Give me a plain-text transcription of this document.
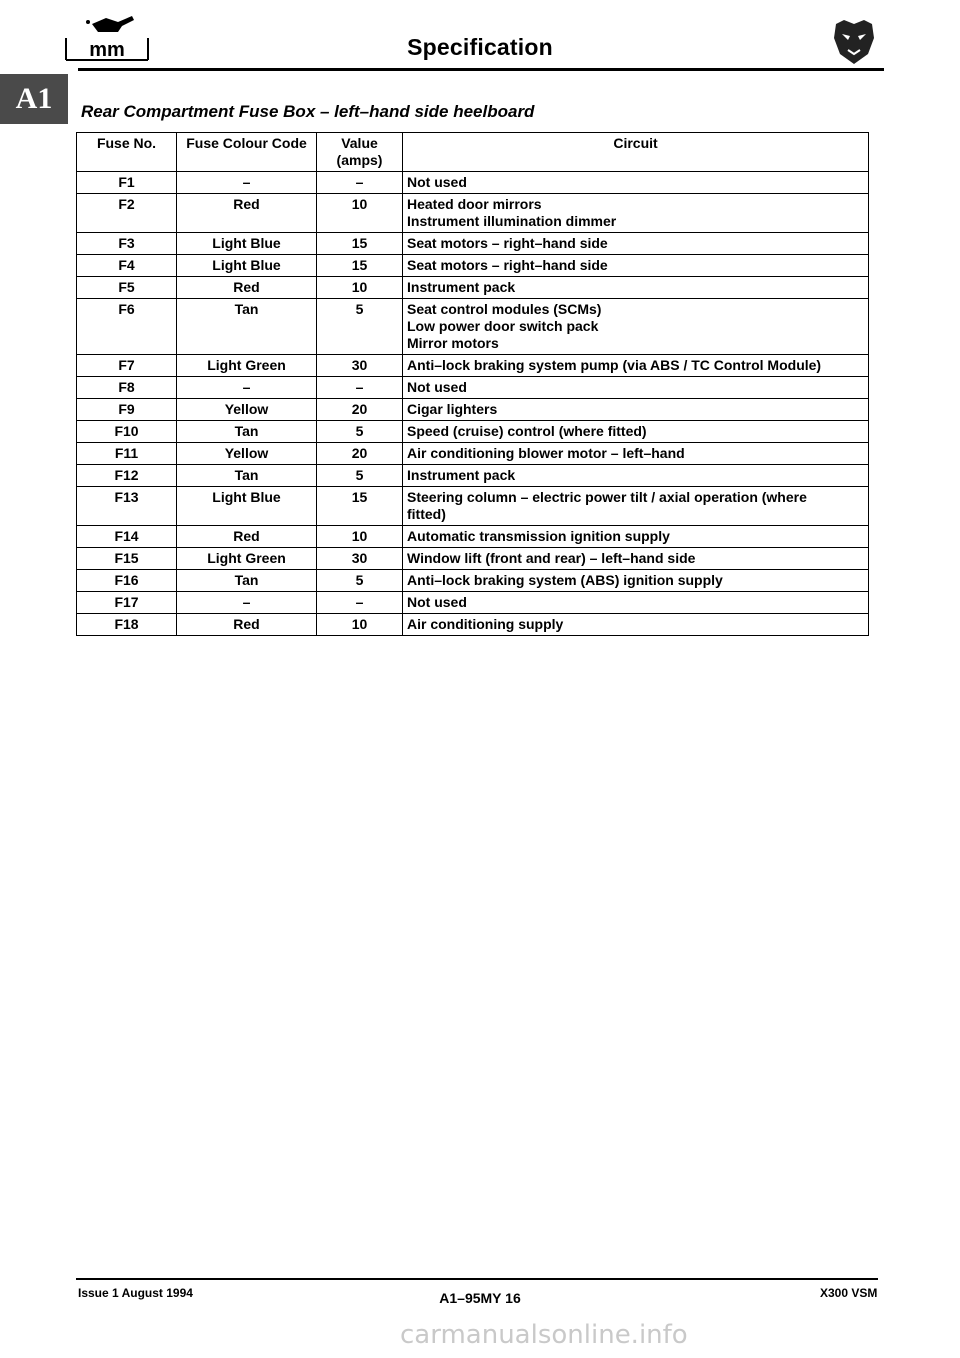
mm	Specification
A1	Rear Compartment Fuse Box – left–hand side heelboard
Fuse No.	Fuse Colour Code	Value (amps)	Circuit
F1	–	–	Not used

F2	Red	10	Heated door mirrors
Instrument illumination dimmer

F3	Light Blue	15	Seat motors – right–hand side

F4	Light Blue	15	Seat motors – right–hand side

F5	Red	10	Instrument pack

F6	Tan	5	Seat control modules (SCMs)
Low power door switch pack
Mirror motors

F7	Light Green	30	Anti–lock braking system pump (via ABS / TC Control Module)

F8	–	–	Not used

F9	Yellow	20	Cigar lighters

F10	Tan	5	Speed (cruise) control (where fitted)

F11	Yellow	20	Air conditioning blower motor – left–hand

F12	Tan	5	Instrument pack

F13	Light Blue	15	Steering column – electric power tilt / axial operation (where
fitted)

F14	Red	10	Automatic transmission ignition supply

F15	Light Green	30	Window lift (front and rear) – left–hand side

F16	Tan	5	Anti–lock braking system (ABS) ignition supply

F17	–	–	Not used

F18	Red	10	Air conditioning supply
Issue 1 August 1994	A1–95MY 16	X300 VSM
carmanualsonline.info
